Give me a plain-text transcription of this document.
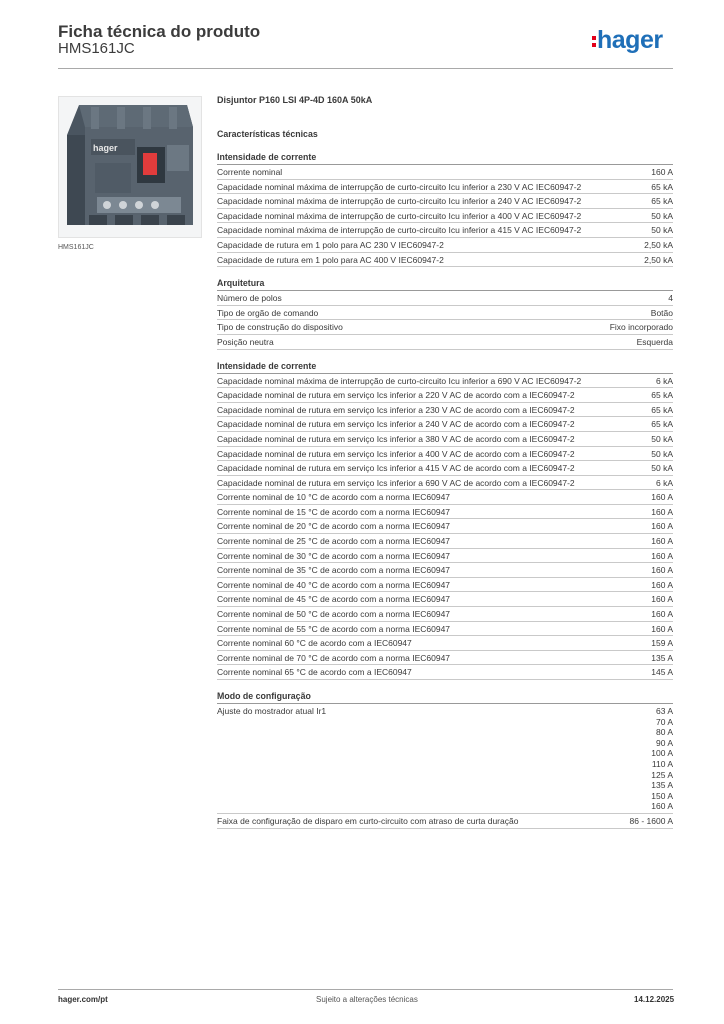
Ficha técnica do produto
HMS161JC	hager
hager
HMS161JC
Disjuntor P160 LSI 4P-4D 160A 50kA
Características técnicas
Intensidade de corrente
Corrente nominal	160 A
Capacidade nominal máxima de interrupção de curto-circuito Icu inferior a 230 V AC IEC60947-2	65 kA
Capacidade nominal máxima de interrupção de curto-circuito Icu inferior a 240 V AC IEC60947-2	65 kA
Capacidade nominal máxima de interrupção de curto-circuito Icu inferior a 400 V AC IEC60947-2	50 kA
Capacidade nominal máxima de interrupção de curto-circuito Icu inferior a 415 V AC IEC60947-2	50 kA
Capacidade de rutura em 1 polo para AC 230 V IEC60947-2	2,50 kA
Capacidade de rutura em 1 polo para AC 400 V IEC60947-2	2,50 kA
Arquitetura
Número de polos	4
Tipo de orgão de comando	Botão
Tipo de construção do dispositivo	Fixo incorporado
Posição neutra	Esquerda
Intensidade de corrente
Capacidade nominal máxima de interrupção de curto-circuito Icu inferior a 690 V AC IEC60947-2	6 kA
Capacidade nominal de rutura em serviço Ics inferior a 220 V AC de acordo com a IEC60947-2	65 kA
Capacidade nominal de rutura em serviço Ics inferior a 230 V AC de acordo com a IEC60947-2	65 kA
Capacidade nominal de rutura em serviço Ics inferior a 240 V AC de acordo com a IEC60947-2	65 kA
Capacidade nominal de rutura em serviço Ics inferior a 380 V AC de acordo com a IEC60947-2	50 kA
Capacidade nominal de rutura em serviço Ics inferior a 400 V AC de acordo com a IEC60947-2	50 kA
Capacidade nominal de rutura em serviço Ics inferior a 415 V AC de acordo com a IEC60947-2	50 kA
Capacidade nominal de rutura em serviço Ics inferior a 690 V AC de acordo com a IEC60947-2	6 kA
Corrente nominal de 10 °C de acordo com a norma IEC60947	160 A
Corrente nominal de 15 °C de acordo com a norma IEC60947	160 A
Corrente nominal de 20 °C de acordo com a norma IEC60947	160 A
Corrente nominal de 25 °C de acordo com a norma IEC60947	160 A
Corrente nominal de 30 °C de acordo com a norma IEC60947	160 A
Corrente nominal de 35 °C de acordo com a norma IEC60947	160 A
Corrente nominal de 40 °C de acordo com a norma IEC60947	160 A
Corrente nominal de 45 °C de acordo com a norma IEC60947	160 A
Corrente nominal de 50 °C de acordo com a norma IEC60947	160 A
Corrente nominal de 55 °C de acordo com a norma IEC60947	160 A
Corrente nominal 60 °C de acordo com a IEC60947	159 A
Corrente nominal de 70 °C de acordo com a norma IEC60947	135 A
Corrente nominal 65 °C de acordo com a IEC60947	145 A
Modo de configuração
Ajuste do mostrador atual Ir1	63 A
70 A
80 A
90 A
100 A
110 A
125 A
135 A
150 A
160 A
Faixa de configuração de disparo em curto-circuito com atraso de curta duração	86 - 1600 A
hager.com/pt	Sujeito a alterações técnicas	14.12.2025
